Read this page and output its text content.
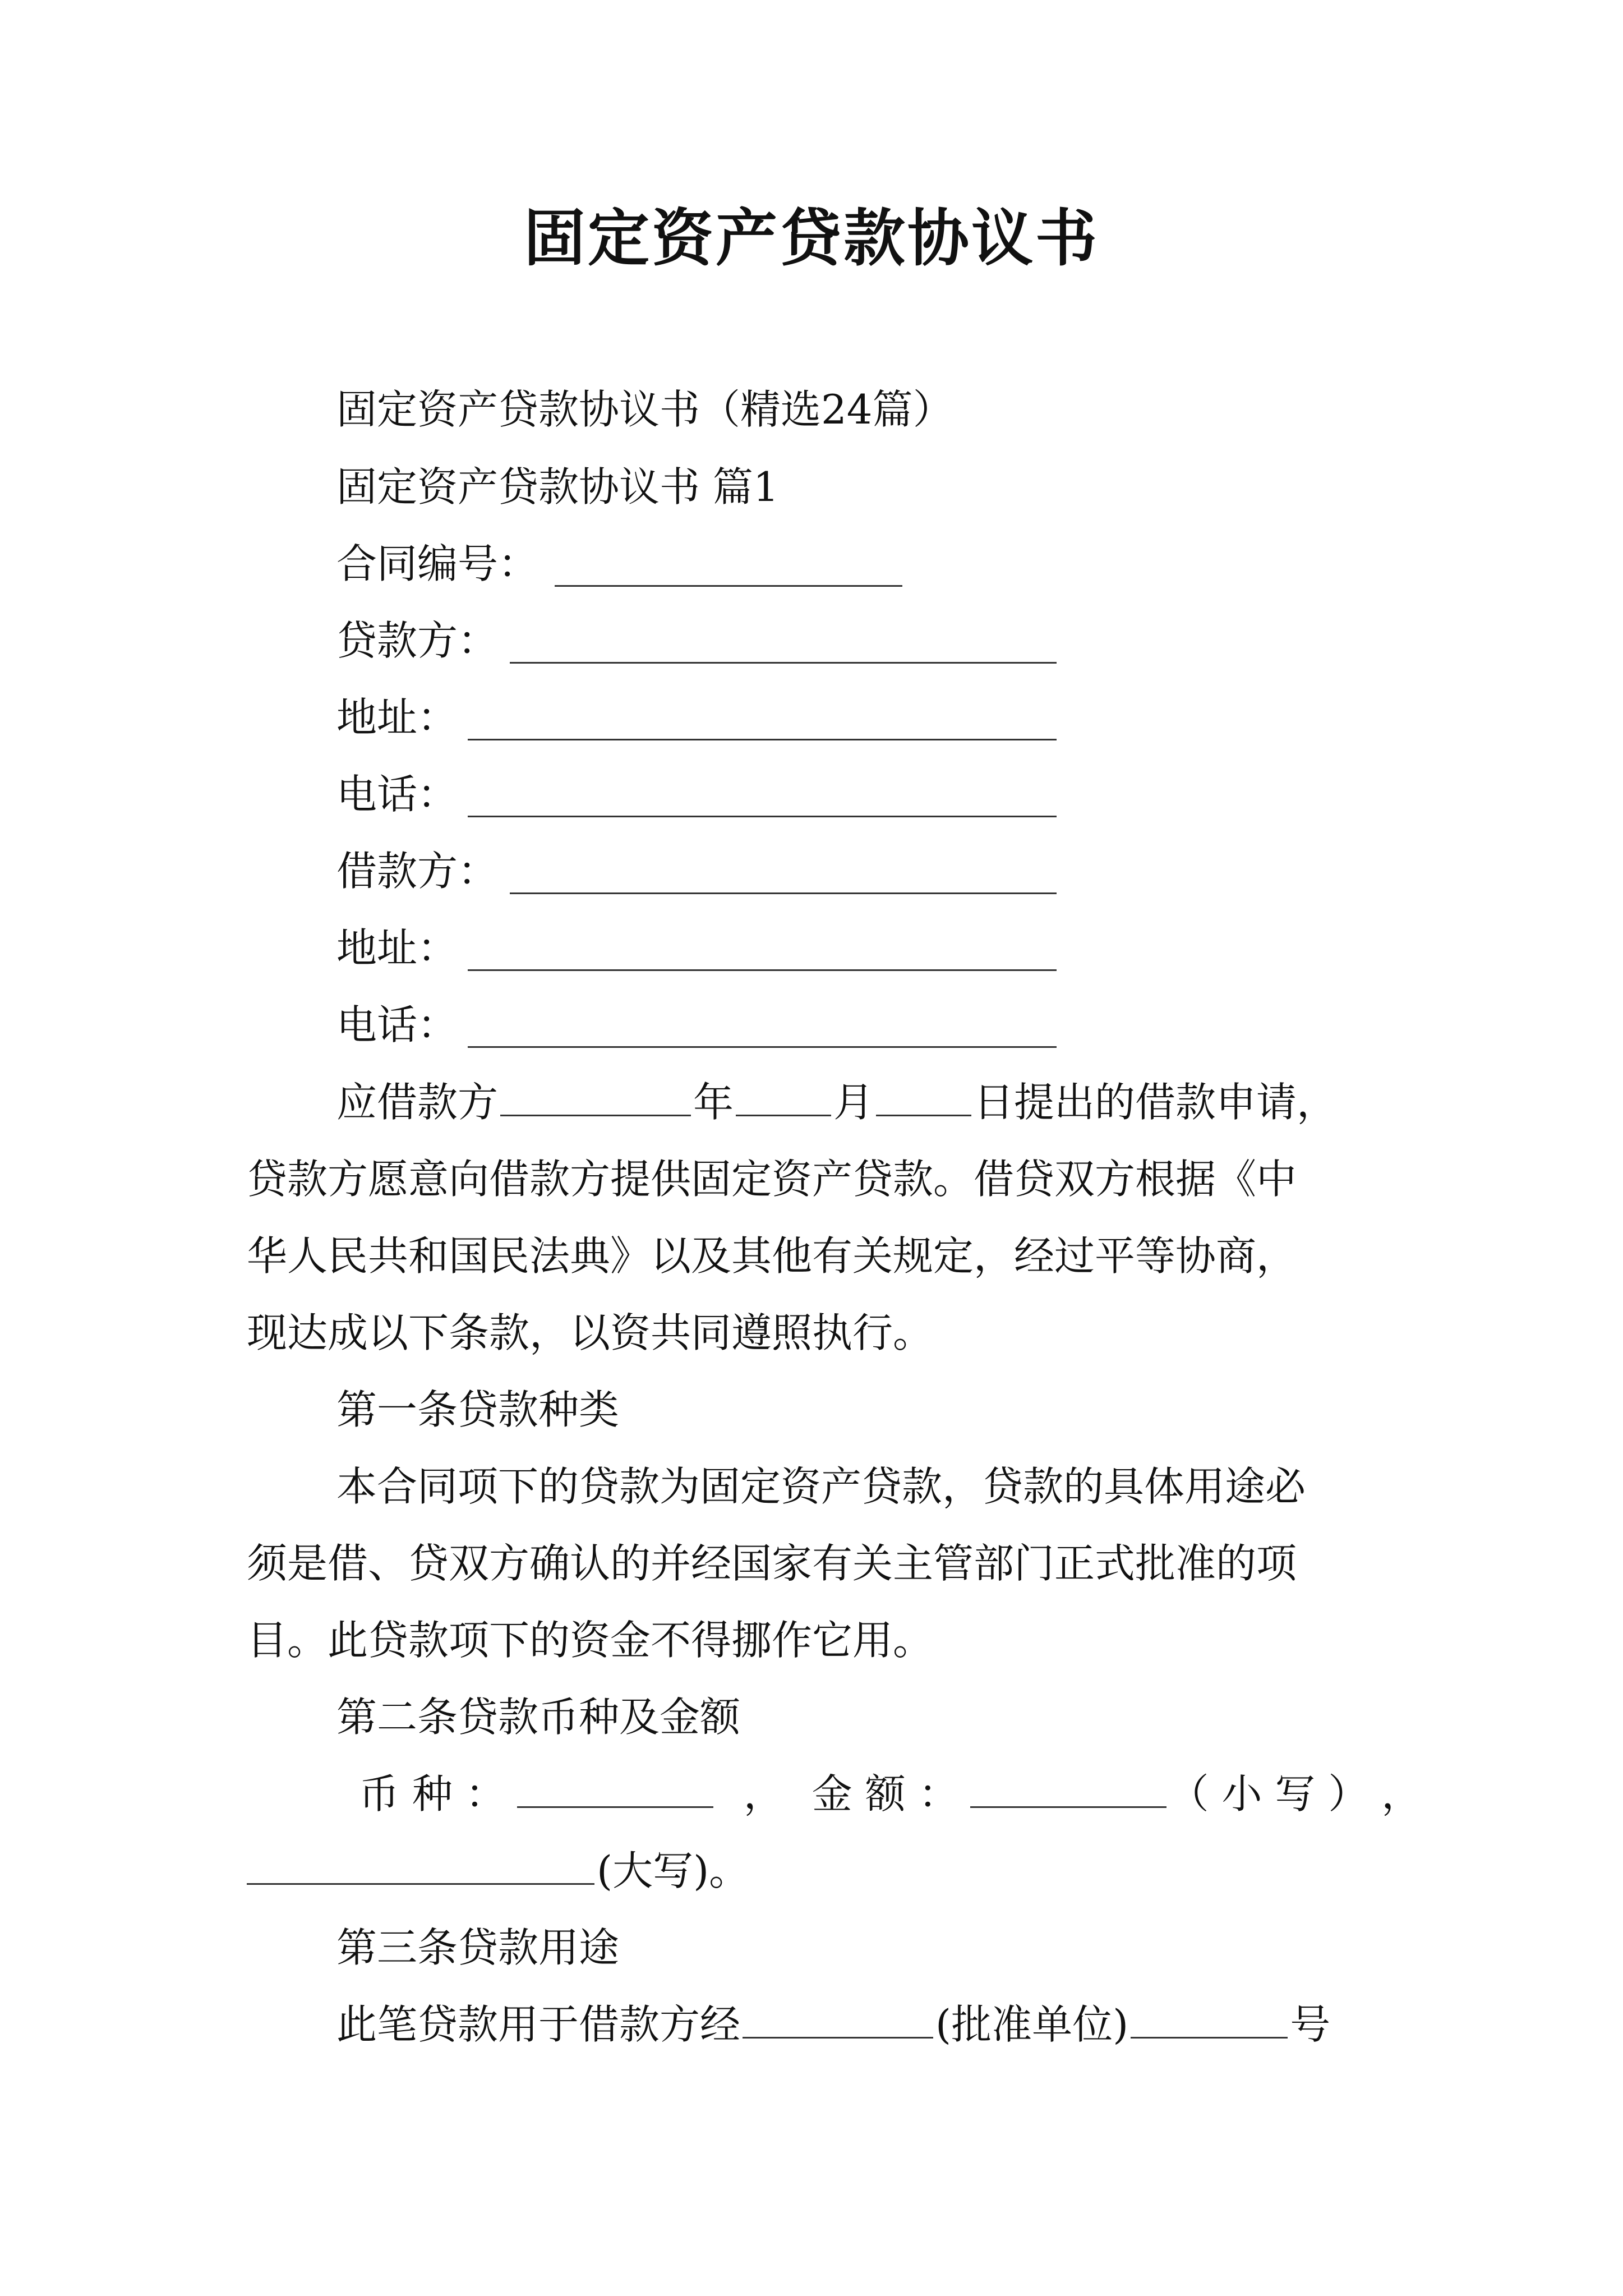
固定资产贷款协议书
固定资产贷款协议书（精选24篇）
固定资产贷款协议书 篇1
合同编号：
贷款方：
地址：
电话：
借款方：
地址：
电话：
应借款方	年 月 日提出的借款申请，
贷款方愿意向借款方提供固定资产贷款。借贷双方根据《中
华人民共和国民法典》以及其他有关规定，经过平等协商，
现达成以下条款，以资共同遵照执行。
第一条贷款种类
本合同项下的贷款为固定资产贷款，贷款的具体用途必
须是借、贷双方确认的并经国家有关主管部门正式批准的项
目。此贷款项下的资金不得挪作它用。
第二条贷款币种及金额
币 种 ：	， 金 额 ：	（ 小 写 ） ，
(大写)。
第三条贷款用途
此笔贷款用于借款方经	(批准单位)	号
